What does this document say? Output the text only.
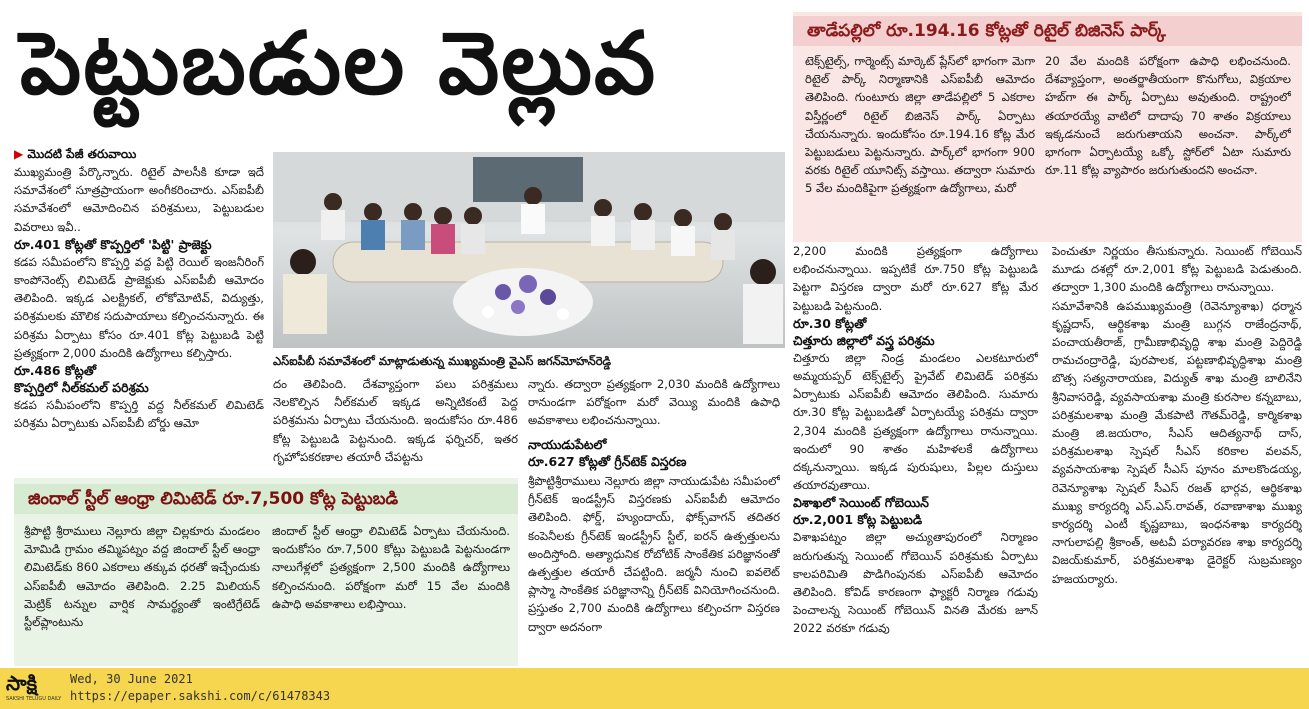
పెట్టుబడుల వెల్లువ	తాడేపల్లిలో రూ.194.16 కోట్లతో రిటైల్ బిజినెస్ పార్క్
టెక్స్‌టైల్స్, గార్మెంట్స్ మార్కెట్ ప్లేస్‌లో భాగంగా మెగా రిటైల్ పార్క్ నిర్మాణానికి ఎస్ఐపీబీ ఆమోదం తెలిపింది. గుంటూరు జిల్లా తాడేపల్లిలో 5 ఎకరాల విస్తీర్ణంలో రిటైల్ బిజినెస్ పార్క్ ఏర్పాటు చేయనున్నారు. ఇందుకోసం రూ.194.16 కోట్ల మేర పెట్టుబడులు పెట్టనున్నారు. పార్క్‌లో భాగంగా 900 వరకు రిటైల్ యూనిట్స్ వస్తాయి. తద్వారా సుమారు 5 వేల మందికిపైగా ప్రత్యక్షంగా ఉద్యోగాలు, మరో
20 వేల మందికి పరోక్షంగా ఉపాధి లభించనుంది. దేశవ్యాప్తంగా, అంతర్జాతీయంగా కొనుగోలు, విక్రయాల హబ్‌గా ఈ పార్క్ ఏర్పాటు అవుతుంది. రాష్ట్రంలో తయారయ్యే వాటిలో దాదాపు 70 శాతం విక్రయాలు ఇక్కడనుంచే జరుగుతాయని అంచనా. పార్క్‌లో భాగంగా ఏర్పాటయ్యే ఒక్కో స్టోర్‌లో ఏటా సుమారు రూ.11 కోట్ల వ్యాపారం జరుగుతుందని అంచనా.
▶ మొదటి పేజీ తరువాయి
ముఖ్యమంత్రి పేర్కొన్నారు. రిటైల్ పాలసీకి కూడా ఇదే సమావేశంలో సూత్రప్రాయంగా అంగీకరించారు. ఎస్ఐపీబీ సమావేశంలో ఆమోదించిన పరిశ్రమలు, పెట్టుబడుల వివరాలు ఇవీ..
రూ.401 కోట్లతో కొప్పర్తిలో 'పిట్టి' ప్రాజెక్టు
కడప సమీపంలోని కొప్పర్తి వద్ద పిట్టి రెయిల్ ఇంజనీరింగ్ కాంపోనెంట్స్ లిమిటెడ్ ప్రాజెక్టుకు ఎస్ఐపీబీ ఆమోదం తెలిపింది. ఇక్కడ ఎలక్ట్రికల్, లోకోమోటివ్, విద్యుత్తు, పరిశ్రమలకు మౌలిక సదుపాయాలు కల్పించనున్నారు. ఈ పరిశ్రమ ఏర్పాటు కోసం రూ.401 కోట్ల పెట్టుబడి పెట్టి ప్రత్యక్షంగా 2,000 మందికి ఉద్యోగాలు కల్పిస్తారు.
రూ.486 కోట్లతో
కొప్పర్తిలో నీల్‌కమల్ పరిశ్రమ
కడప సమీపంలోని కొప్పర్తి వద్ద నీల్‌కమల్ లిమిటెడ్ పరిశ్రమ ఏర్పాటుకు ఎస్ఐపీబీ బోర్డు ఆమో
ఎస్ఐపీబీ సమావేశంలో మాట్లాడుతున్న ముఖ్యమంత్రి వైఎస్ జగన్‌మోహన్‌రెడ్డి
దం తెలిపింది. దేశవ్యాప్తంగా పలు పరిశ్రమలు నెలకొల్పిన నీల్‌కమల్ ఇక్కడ అన్నిటికంటే పెద్ద పరిశ్రమను ఏర్పాటు చేయనుంది. ఇందుకోసం రూ.486 కోట్ల పెట్టుబడి పెట్టనుంది. ఇక్కడ ఫర్నిచర్, ఇతర గృహోపకరణాల తయారీ చేపట్టను
న్నారు. తద్వారా ప్రత్యక్షంగా 2,030 మందికి ఉద్యోగాలు రానుండగా పరోక్షంగా మరో వెయ్యి మందికి ఉపాధి అవకాశాలు లభించనున్నాయి.
నాయుడుపేటలో
రూ.627 కోట్లతో గ్రీన్‌టెక్ విస్తరణ
శ్రీపొట్టిశ్రీరాములు నెల్లూరు జిల్లా నాయుడుపేట సమీపంలో గ్రీన్‌టెక్ ఇండస్ట్రీస్ విస్తరణకు ఎస్ఐపీబీ ఆమోదం తెలిపింది. ఫోర్డ్, హ్యుందాయ్, ఫోక్స్‌వాగన్ తదితర కంపెనీలకు గ్రీన్‌టెక్ ఇండస్ట్రీస్ స్టీల్, ఐరన్ ఉత్పత్తులను అందిస్తోంది. అత్యాధునిక రోబోటిక్ సాంకేతిక పరిజ్ఞానంతో ఉత్పత్తుల తయారీ చేపట్టింది. జర్మనీ నుంచి ఐవలెట్ ప్లాస్మా సాంకేతిక పరిజ్ఞానాన్ని గ్రీన్‌టెక్ వినియోగించనుంది. ప్రస్తుతం 2,700 మందికి ఉద్యోగాలు కల్పించగా విస్తరణ ద్వారా అదనంగా
2,200 మందికి ప్రత్యక్షంగా ఉద్యోగాలు లభించనున్నాయి. ఇప్పటికే రూ.750 కోట్ల పెట్టుబడి పెట్టగా విస్తరణ ద్వారా మరో రూ.627 కోట్ల మేర పెట్టుబడి పెట్టనుంది.
రూ.30 కోట్లతో
చిత్తూరు జిల్లాలో వస్త్ర పరిశ్రమ
చిత్తూరు జిల్లా నిండ్ర మండలం ఎలకటూరులో అమ్మయప్పర్ టెక్స్‌టైల్స్ ప్రైవేట్ లిమిటెడ్ పరిశ్రమ ఏర్పాటుకు ఎస్ఐపీబీ ఆమోదం తెలిపింది. సుమారు రూ.30 కోట్ల పెట్టుబడితో ఏర్పాటయ్యే పరిశ్రమ ద్వారా 2,304 మందికి ప్రత్యక్షంగా ఉద్యోగాలు రానున్నాయి. ఇందులో 90 శాతం మహిళలకే ఉద్యోగాలు దక్కనున్నాయి. ఇక్కడ పురుషులు, పిల్లల దుస్తులు తయారవుతాయి.
విశాఖలో సెయింట్ గోబెయిన్
రూ.2,001 కోట్ల పెట్టుబడి
విశాఖపట్నం జిల్లా అచ్యుతాపురంలో నిర్మాణం జరుగుతున్న సెయింట్ గోబెయిన్ పరిశ్రమకు ఏర్పాటు కాలపరిమితి పొడిగింపునకు ఎస్ఐపీబీ ఆమోదం తెలిపింది. కోవిడ్ కారణంగా ఫ్యాక్టరీ నిర్మాణ గడువు పెంచాలన్న సెయింట్ గోబెయిన్ వినతి మేరకు జూన్ 2022 వరకూ గడువు
పెంచుతూ నిర్ణయం తీసుకున్నారు. సెయింట్ గోబెయిన్ మూడు దశల్లో రూ.2,001 కోట్ల పెట్టుబడి పెడుతుంది. తద్వారా 1,300 మందికి ఉద్యోగాలు రానున్నాయి.
సమావేశానికి ఉపముఖ్యమంత్రి (రెవెన్యూశాఖ) ధర్మాన కృష్ణదాస్, ఆర్థికశాఖ మంత్రి బుగ్గన రాజేంద్రనాథ్, పంచాయతీరాజ్, గ్రామీణాభివృద్ధి శాఖ మంత్రి పెద్దిరెడ్డి రామచంద్రారెడ్డి, పురపాలక, పట్టణాభివృద్ధిశాఖ మంత్రి బొత్స సత్యనారాయణ, విద్యుత్ శాఖ మంత్రి బాలినేని శ్రీనివాసరెడ్డి, వ్యవసాయశాఖ మంత్రి కురసాల కన్నబాబు, పరిశ్రమలశాఖ మంత్రి మేకపాటి గౌతమ్‌రెడ్డి, కార్మికశాఖ మంత్రి జి.జయరాం, సీఎస్ ఆదిత్యనాథ్ దాస్, పరిశ్రమలశాఖ స్పెషల్ సీఎస్ కరికాల వలవన్, వ్యవసాయశాఖ స్పెషల్ సీఎస్ పూనం మాలకొండయ్య, రెవెన్యూశాఖ స్పెషల్ సీఎస్ రజత్ భార్గవ, ఆర్థికశాఖ ముఖ్య కార్యదర్శి ఎస్.ఎస్.రావత్, రవాణాశాఖ ముఖ్య కార్యదర్శి ఎంటీ కృష్ణబాబు, ఇంధనశాఖ కార్యదర్శి నాగులాపల్లి శ్రీకాంత్, అటవీ పర్యావరణ శాఖ కార్యదర్శి విజయ్‌కుమార్, పరిశ్రమలశాఖ డైరెక్టర్ సుబ్రమణ్యం హజయర్యారు.
జిందాల్ స్టీల్ ఆంధ్రా లిమిటెడ్ రూ.7,500 కోట్ల పెట్టుబడి
శ్రీపొట్టి శ్రీరాములు నెల్లూరు జిల్లా చిల్లకూరు మండలం మోమిడి గ్రామం తమ్మిపట్నం వద్ద జిందాల్ స్టీల్ ఆంధ్రా లిమిటెడ్‌కు 860 ఎకరాలు తక్కువ ధరతో ఇచ్చేందుకు ఎస్ఐపీబీ ఆమోదం తెలిపింది. 2.25 మిలియన్ మెట్రిక్ టన్నుల వార్షిక సామర్థ్యంతో ఇంటిగ్రేటెడ్ స్టీల్‌ప్లాంటును
జిందాల్ స్టీల్ ఆంధ్రా లిమిటెడ్ ఏర్పాటు చేయనుంది. ఇందుకోసం రూ.7,500 కోట్లు పెట్టుబడి పెట్టనుండగా నాలుగేళ్లలో ప్రత్యక్షంగా 2,500 మందికి ఉద్యోగాలు కల్పించనుంది. పరోక్షంగా మరో 15 వేల మందికి ఉపాధి అవకాశాలు లభిస్తాయి.
సాక్షి
SAKSHI TELUGU DAILY
Wed, 30 June 2021
https://epaper.sakshi.com/c/61478343
